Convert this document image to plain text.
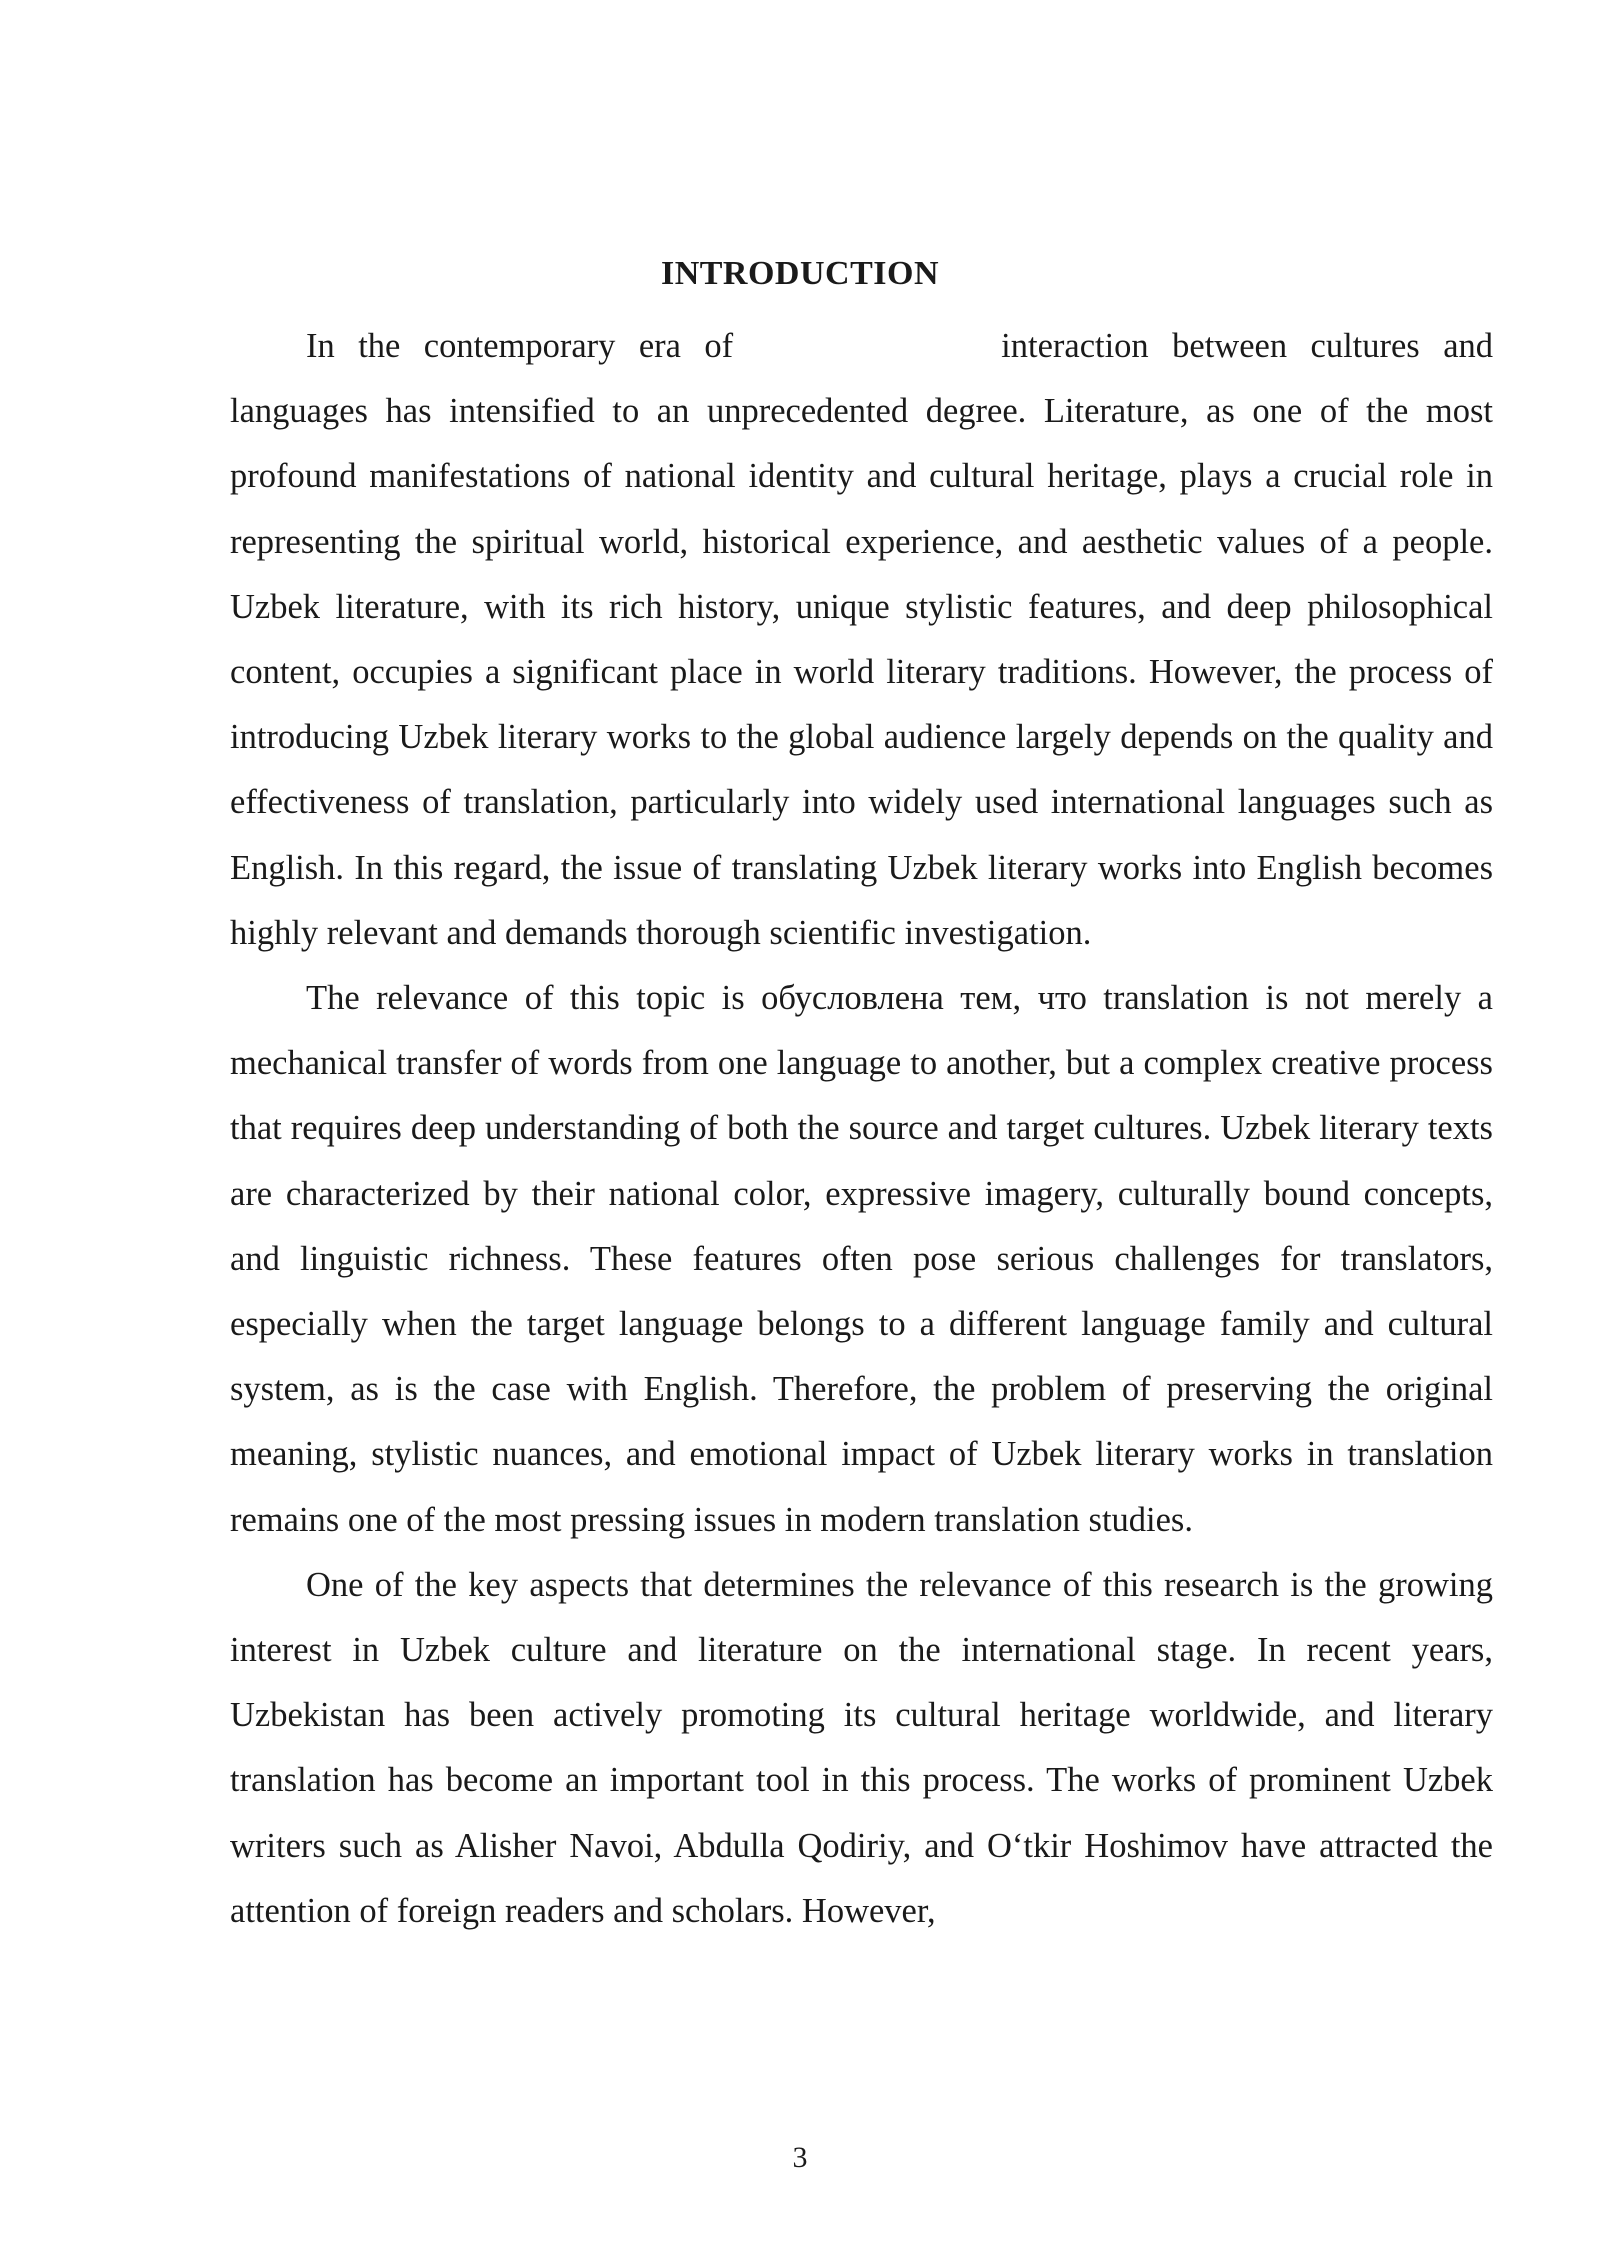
INTRODUCTION

In the contemporary era of	interaction between cultures and languages has intensified to an unprecedented degree. Literature, as one of the most profound manifestations of national identity and cultural heritage, plays a crucial role in representing the spiritual world, historical experience, and aesthetic values of a people. Uzbek literature, with its rich history, unique stylistic features, and deep philosophical content, occupies a significant place in world literary traditions. However, the process of introducing Uzbek literary works to the global audience largely depends on the quality and effectiveness of translation, particularly into widely used international languages such as English. In this regard, the issue of translating Uzbek literary works into English becomes highly relevant and demands thorough scientific investigation.

The relevance of this topic is обусловлена тем, что translation is not merely a mechanical transfer of words from one language to another, but a complex creative process that requires deep understanding of both the source and target cultures. Uzbek literary texts are characterized by their national color, expressive imagery, culturally bound concepts, and linguistic richness. These features often pose serious challenges for translators, especially when the target language belongs to a different language family and cultural system, as is the case with English. Therefore, the problem of preserving the original meaning, stylistic nuances, and emotional impact of Uzbek literary works in translation remains one of the most pressing issues in modern translation studies.

One of the key aspects that determines the relevance of this research is the growing interest in Uzbek culture and literature on the international stage. In recent years, Uzbekistan has been actively promoting its cultural heritage worldwide, and literary translation has become an important tool in this process. The works of prominent Uzbek writers such as Alisher Navoi, Abdulla Qodiriy, and O‘tkir Hoshimov have attracted the attention of foreign readers and scholars. However,

3
